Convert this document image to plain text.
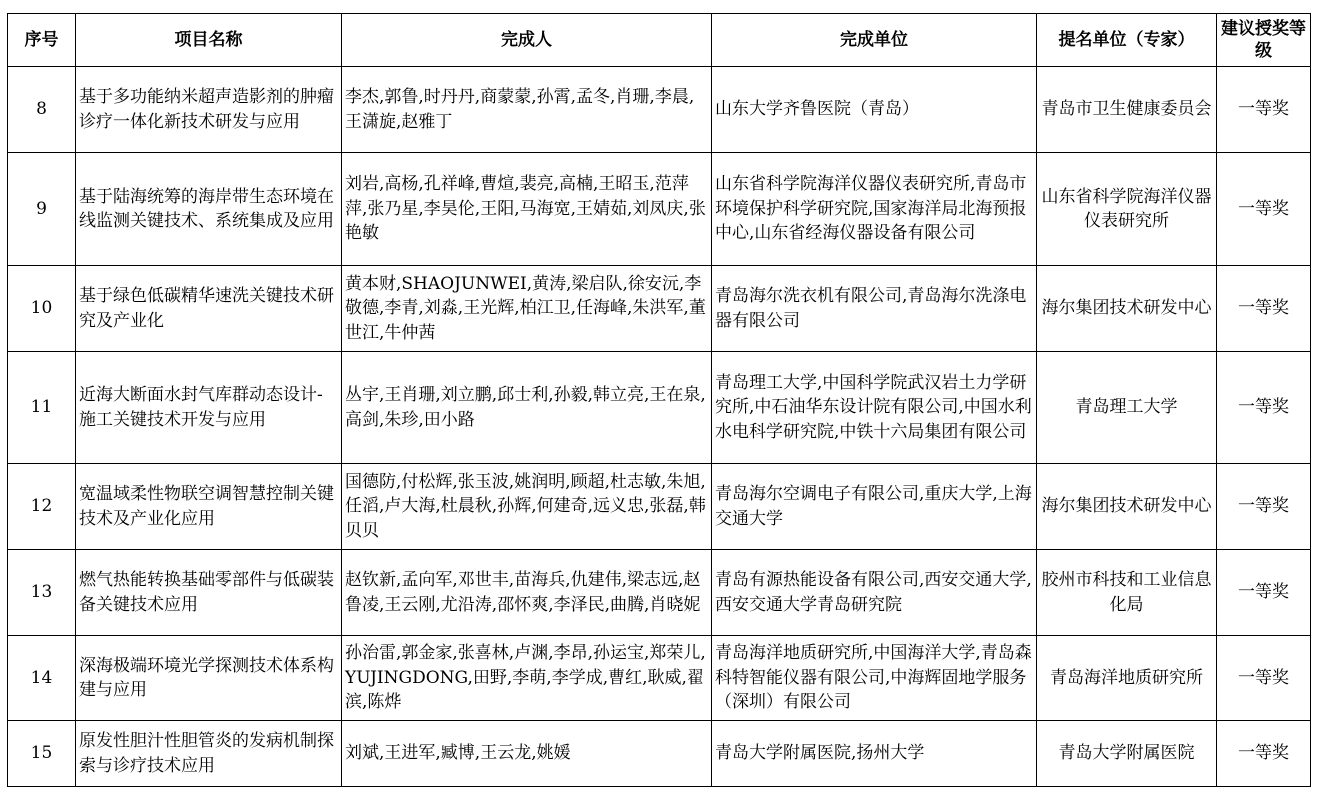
序号	项目名称	完成人	完成单位	提名单位（专家）	建议授奖等级
8	基于多功能纳米超声造影剂的肿瘤诊疗一体化新技术研发与应用	李杰,郭鲁,时丹丹,商蒙蒙,孙霄,孟冬,肖珊,李晨,王潇旋,赵雅丁	山东大学齐鲁医院（青岛）	青岛市卫生健康委员会	一等奖
9	基于陆海统筹的海岸带生态环境在线监测关键技术、系统集成及应用	刘岩,高杨,孔祥峰,曹煊,裴亮,高楠,王昭玉,范萍萍,张乃星,李昊伦,王阳,马海宽,王婧茹,刘凤庆,张艳敏	山东省科学院海洋仪器仪表研究所,青岛市环境保护科学研究院,国家海洋局北海预报中心,山东省经海仪器设备有限公司	山东省科学院海洋仪器仪表研究所	一等奖
10	基于绿色低碳精华速洗关键技术研究及产业化	黄本财,SHAOJUNWEI,黄涛,梁启队,徐安沅,李敬德,李青,刘淼,王光辉,柏江卫,任海峰,朱洪军,董世江,牛仲茜	青岛海尔洗衣机有限公司,青岛海尔洗涤电器有限公司	海尔集团技术研发中心	一等奖
11	近海大断面水封气库群动态设计-施工关键技术开发与应用	丛宇,王肖珊,刘立鹏,邱士利,孙毅,韩立亮,王在泉,高剑,朱珍,田小路	青岛理工大学,中国科学院武汉岩土力学研究所,中石油华东设计院有限公司,中国水利水电科学研究院,中铁十六局集团有限公司	青岛理工大学	一等奖
12	宽温域柔性物联空调智慧控制关键技术及产业化应用	国德防,付松辉,张玉波,姚润明,顾超,杜志敏,朱旭,任滔,卢大海,杜晨秋,孙辉,何建奇,远义忠,张磊,韩贝贝	青岛海尔空调电子有限公司,重庆大学,上海交通大学	海尔集团技术研发中心	一等奖
13	燃气热能转换基础零部件与低碳装备关键技术应用	赵钦新,孟向军,邓世丰,苗海兵,仇建伟,梁志远,赵鲁凌,王云刚,尤沿涛,邵怀爽,李泽民,曲腾,肖晓妮	青岛有源热能设备有限公司,西安交通大学,西安交通大学青岛研究院	胶州市科技和工业信息化局	一等奖
14	深海极端环境光学探测技术体系构建与应用	孙治雷,郭金家,张喜林,卢渊,李昂,孙运宝,郑荣儿,YUJINGDONG,田野,李萌,李学成,曹红,耿威,翟滨,陈烨	青岛海洋地质研究所,中国海洋大学,青岛森科特智能仪器有限公司,中海辉固地学服务（深圳）有限公司	青岛海洋地质研究所	一等奖
15	原发性胆汁性胆管炎的发病机制探索与诊疗技术应用	刘斌,王进军,臧博,王云龙,姚媛	青岛大学附属医院,扬州大学	青岛大学附属医院	一等奖
